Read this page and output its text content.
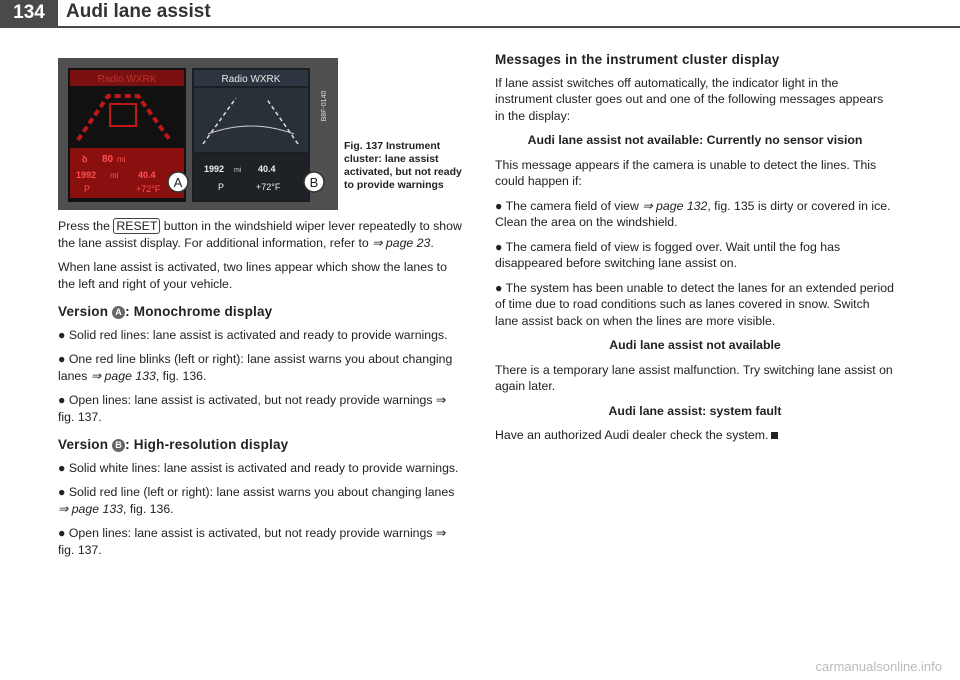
134	Audi lane assist
Radio WXRK
ꝺ 80 mi
1992 mi 40.4
P	+72°F A
Radio WXRK
1992 mi 40.4
P	+72°F B
B8F-0140
Fig. 137 Instrument cluster: lane assist activated, but not ready to provide warnings

Press the RESET button in the windshield wiper lever repeatedly to show the lane assist display. For additional information, refer to ⇒ page 23.

When lane assist is activated, two lines appear which show the lanes to the left and right of your vehicle.

Version A : Monochrome display

● Solid red lines: lane assist is activated and ready to provide warnings.

● One red line blinks (left or right): lane assist warns you about changing lanes ⇒ page 133, fig. 136.

● Open lines: lane assist is activated, but not ready provide warnings ⇒ fig. 137.

Version B : High-resolution display

● Solid white lines: lane assist is activated and ready to provide warnings.

● Solid red line (left or right): lane assist warns you about changing lanes ⇒ page 133, fig. 136.

● Open lines: lane assist is activated, but not ready provide warnings ⇒ fig. 137.

Messages in the instrument cluster display

If lane assist switches off automatically, the indicator light in the instrument cluster goes out and one of the following messages appears in the display:

Audi lane assist not available: Currently no sensor vision

This message appears if the camera is unable to detect the lines. This could happen if:

● The camera field of view ⇒ page 132, fig. 135 is dirty or covered in ice. Clean the area on the windshield.

● The camera field of view is fogged over. Wait until the fog has disappeared before switching lane assist on.

● The system has been unable to detect the lanes for an extended period of time due to road conditions such as lanes covered in snow. Switch lane assist back on when the lines are more visible.

Audi lane assist not available

There is a temporary lane assist malfunction. Try switching lane assist on again later.

Audi lane assist: system fault

Have an authorized Audi dealer check the system.

carmanualsonline.info
